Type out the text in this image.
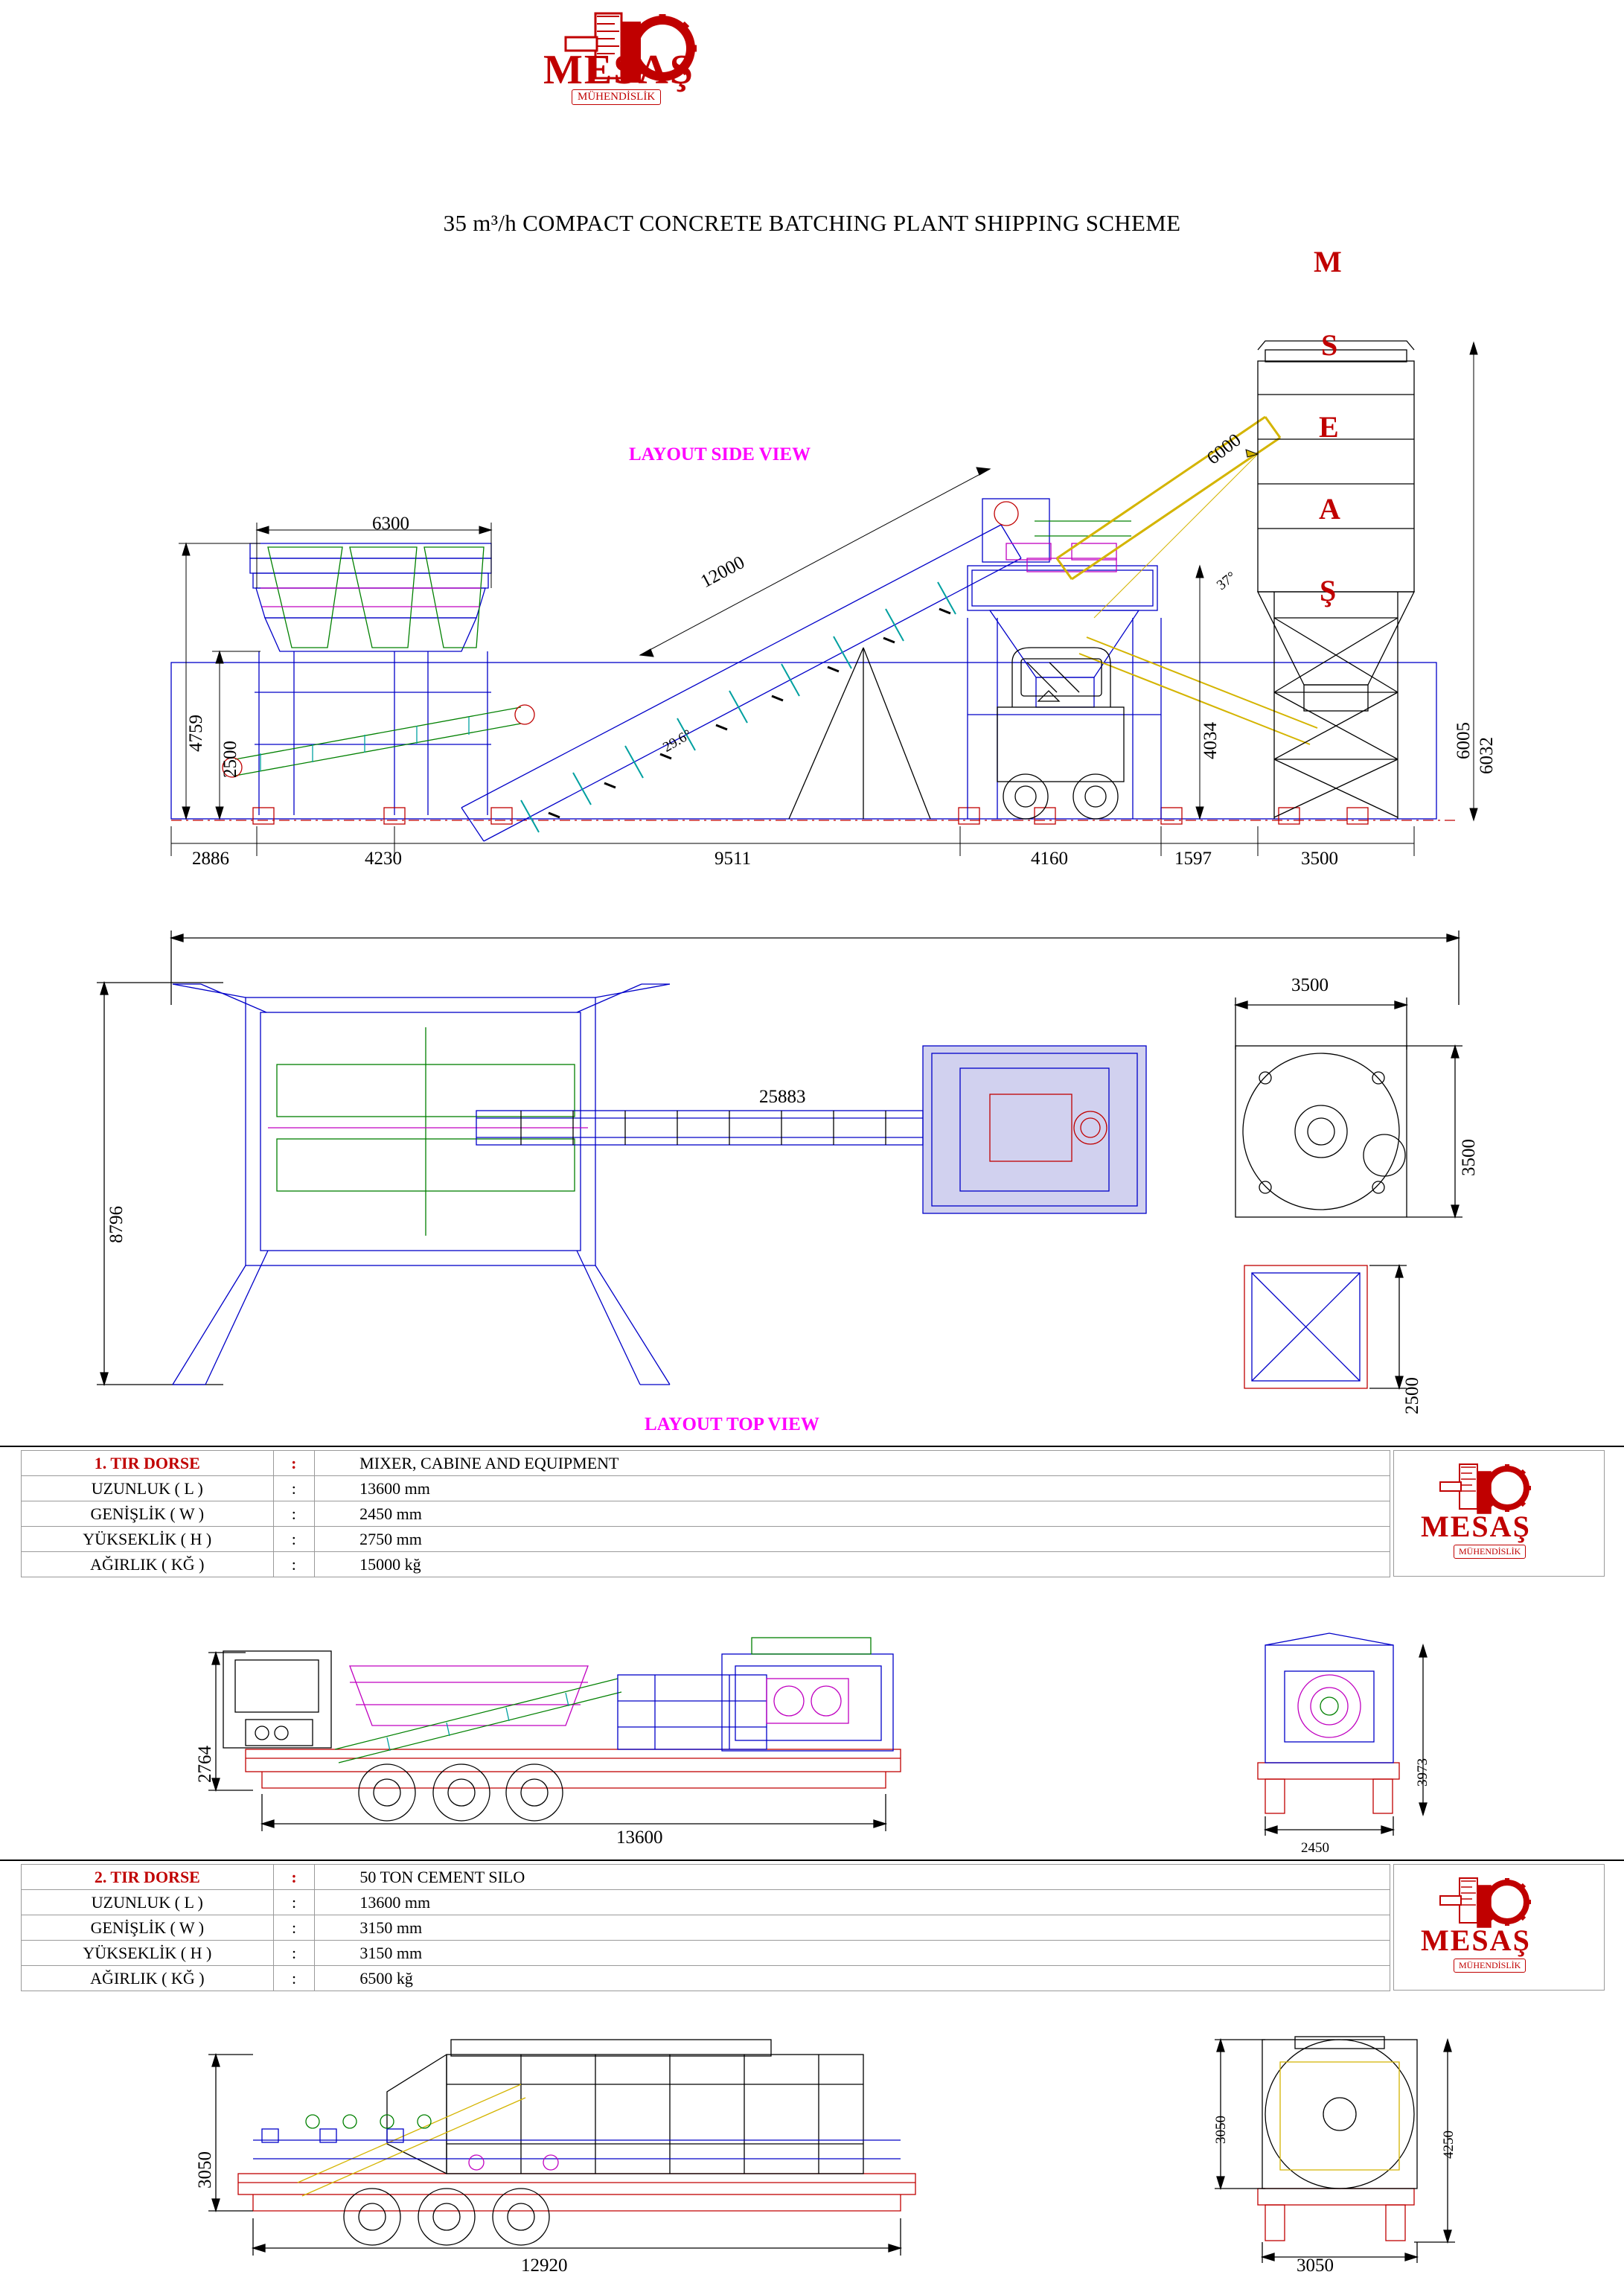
MESAŞ
MÜHENDİSLİK
35 m³/h COMPACT CONCRETE BATCHING PLANT SHIPPING SCHEME
LAYOUT SIDE VIEW
6300
12000
6000
37°
29.6°
4759
2500	4034	6005 6032
2886	4230	9511	4160	1597	3500
M
S
E
A
Ş
25883
8796
LAYOUT TOP VIEW
3500
3500
2500
1. TIR DORSE	:	MIXER, CABINE AND EQUIPMENT
UZUNLUK ( L )	:	13600 mm
GENİŞLİK ( W )	:	2450 mm
YÜKSEKLİK ( H )	:	2750 mm
AĞIRLIK ( KĞ )	:	15000 kğ
MESAŞ
MÜHENDİSLİK
2764
13600
3973
2450
2. TIR DORSE	:	50 TON CEMENT SILO
UZUNLUK ( L )	:	13600 mm
GENİŞLİK ( W )	:	3150 mm
YÜKSEKLİK ( H )	:	3150 mm
AĞIRLIK ( KĞ )	:	6500 kğ
MESAŞ
MÜHENDİSLİK
3050
12920
3050
4250
3050
